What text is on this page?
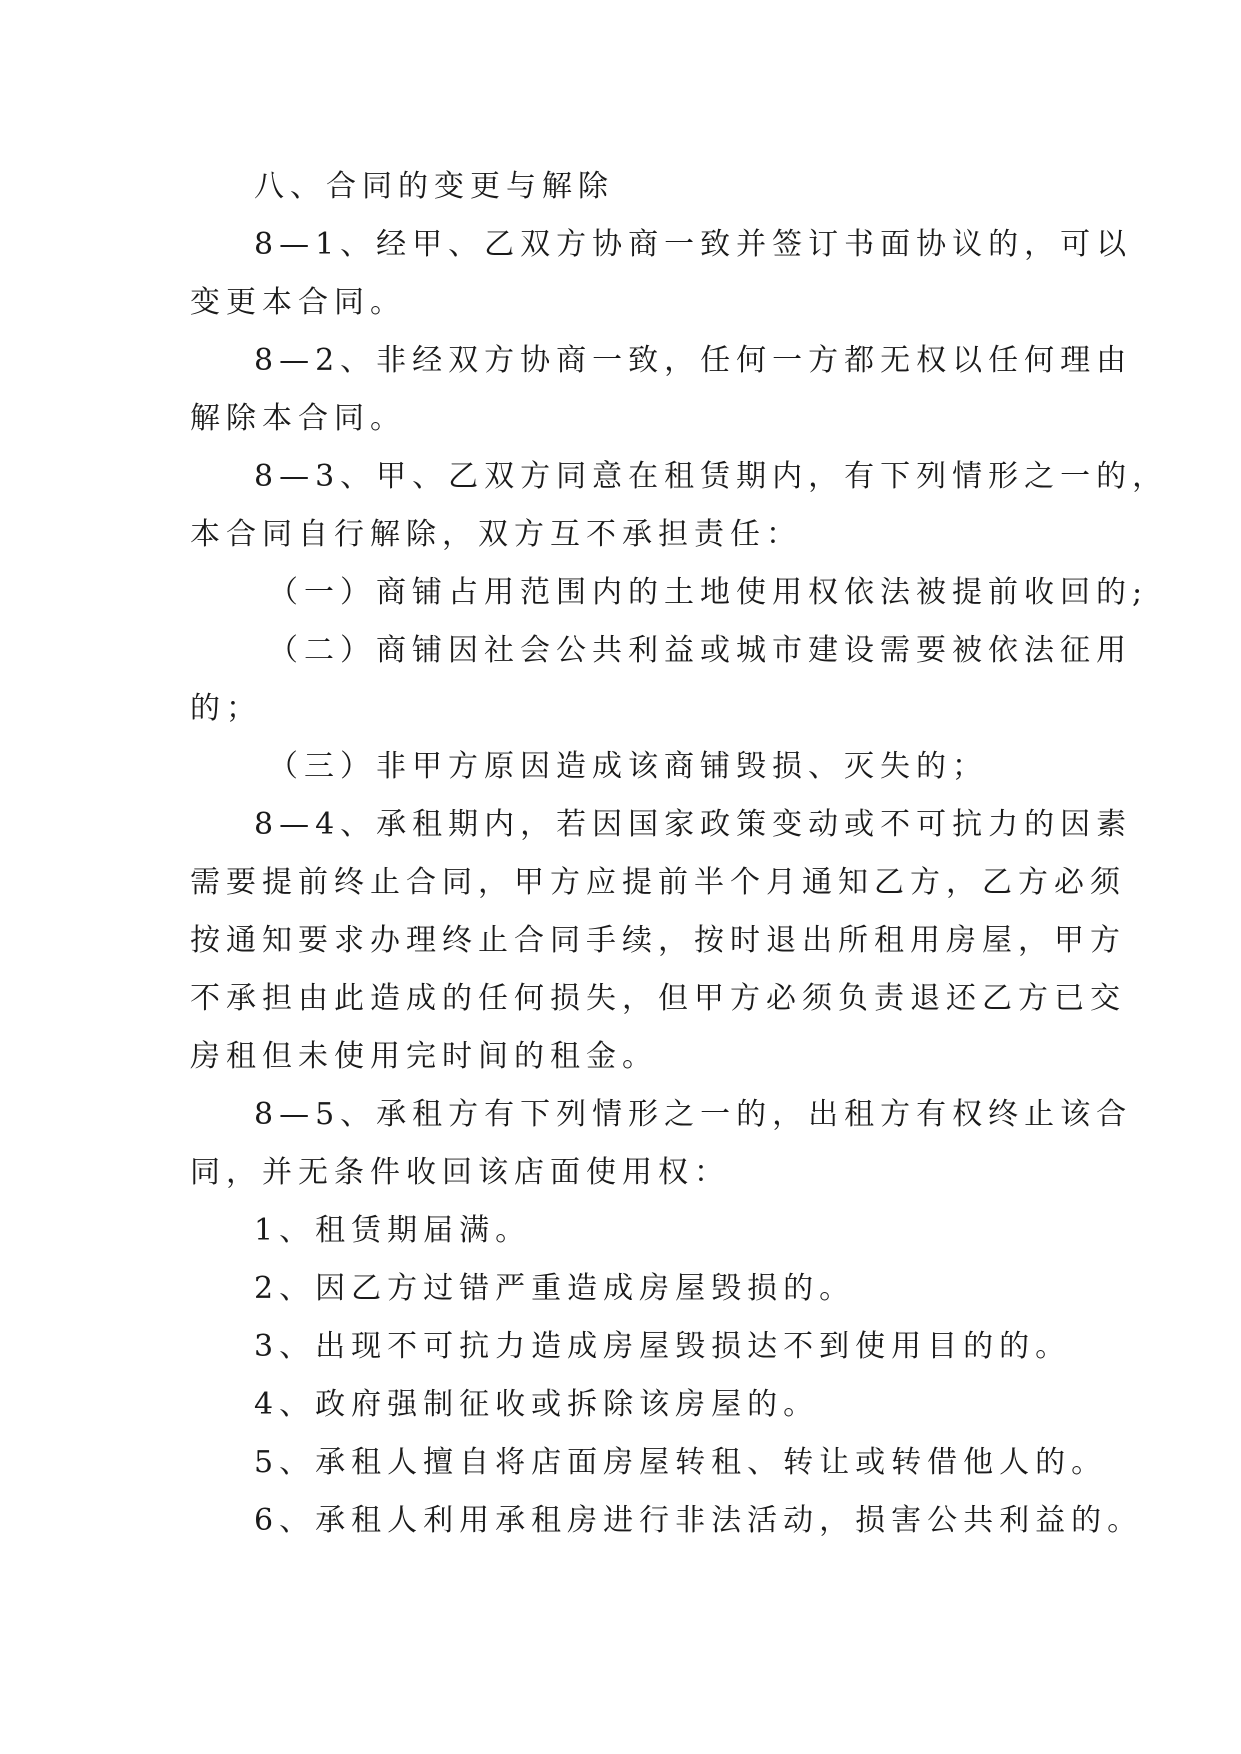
八、合同的变更与解除
8—1、经甲、乙双方协商一致并签订书面协议的，可以
变更本合同。
8—2、非经双方协商一致，任何一方都无权以任何理由
解除本合同。
8—3、甲、乙双方同意在租赁期内，有下列情形之一的，
本合同自行解除，双方互不承担责任：
（一）商铺占用范围内的土地使用权依法被提前收回的;
（二）商铺因社会公共利益或城市建设需要被依法征用
的；
（三）非甲方原因造成该商铺毁损、灭失的；
8—4、承租期内，若因国家政策变动或不可抗力的因素
需要提前终止合同，甲方应提前半个月通知乙方，乙方必须
按通知要求办理终止合同手续，按时退出所租用房屋，甲方
不承担由此造成的任何损失，但甲方必须负责退还乙方已交
房租但未使用完时间的租金。
8—5、承租方有下列情形之一的，出租方有权终止该合
同，并无条件收回该店面使用权：
1、租赁期届满。
2、因乙方过错严重造成房屋毁损的。
3、出现不可抗力造成房屋毁损达不到使用目的的。
4、政府强制征收或拆除该房屋的。
5、承租人擅自将店面房屋转租、转让或转借他人的。
6、承租人利用承租房进行非法活动，损害公共利益的。
